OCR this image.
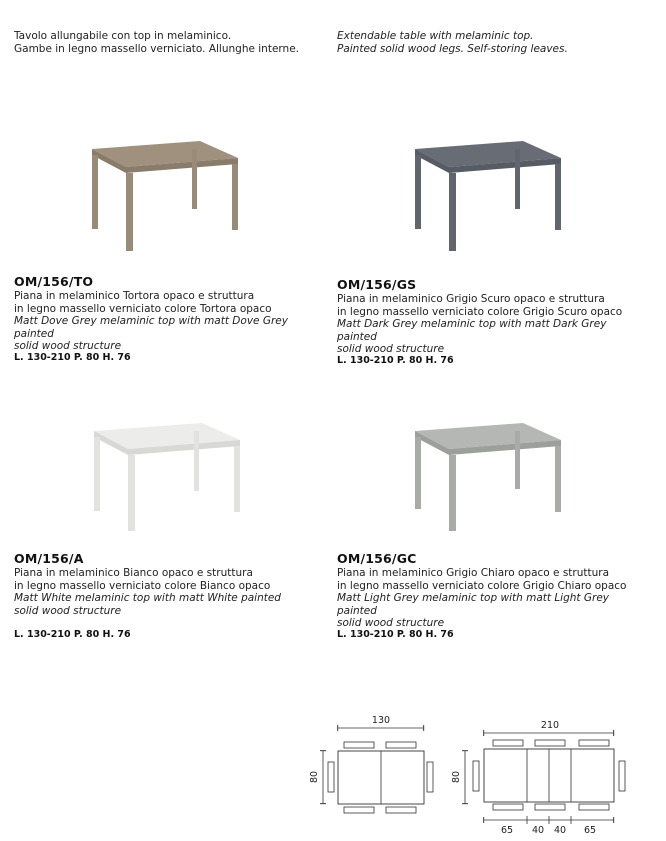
Tavolo allungabile con top in melaminico.

Gambe in legno massello verniciato. Allunghe interne.

Extendable table with melaminic top.

Painted solid wood legs. Self-storing leaves.

OM/156/TO

Piana in melaminico Tortora opaco e struttura

in legno massello verniciato colore Tortora opaco

Matt Dove Grey melaminic top with matt Dove Grey painted

solid wood structure

L. 130-210 P. 80 H. 76
OM/156/GS

Piana in melaminico Grigio Scuro opaco e struttura

in legno massello verniciato colore Grigio Scuro opaco

Matt Dark Grey melaminic top with matt Dark Grey painted

solid wood structure

L. 130-210 P. 80 H. 76
OM/156/A

Piana in melaminico Bianco opaco e struttura

in legno massello verniciato colore Bianco opaco

Matt White melaminic top with matt White painted

solid wood structure

L. 130-210 P. 80 H. 76
OM/156/GC

Piana in melaminico Grigio Chiaro opaco e struttura

in legno massello verniciato colore Grigio Chiaro opaco

Matt Light Grey melaminic top with matt Light Grey painted

solid wood structure

L. 130-210 P. 80 H. 76
130
80
210
80
65 40 40 65
